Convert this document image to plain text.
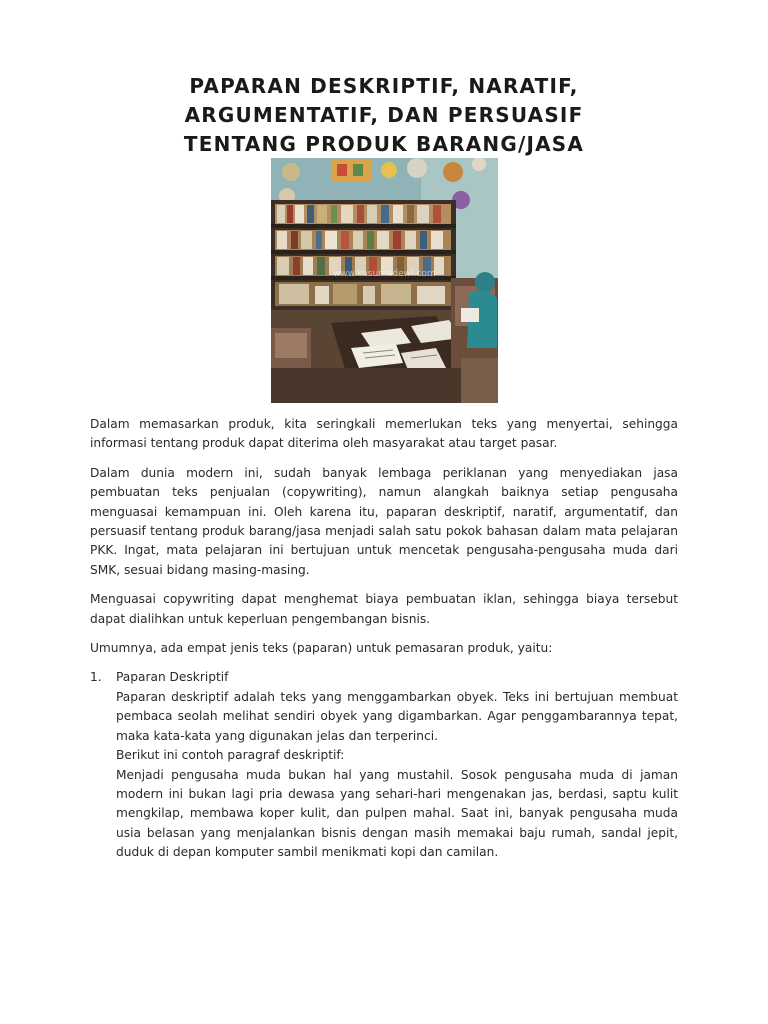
PAPARAN DESKRIPTIF, NARATIF,
ARGUMENTATIF, DAN PERSUASIF
TENTANG PRODUK BARANG/JASA
www.kusumadewi.com

Dalam memasarkan produk, kita seringkali memerlukan teks yang menyertai, sehingga informasi tentang produk dapat diterima oleh masyarakat atau target pasar.

Dalam dunia modern ini, sudah banyak lembaga periklanan yang menyediakan jasa pembuatan teks penjualan (copywriting), namun alangkah baiknya setiap pengusaha menguasai kemampuan ini. Oleh karena itu, paparan deskriptif, naratif, argumentatif, dan persuasif tentang produk barang/jasa menjadi salah satu pokok bahasan dalam mata pelajaran PKK. Ingat, mata pelajaran ini bertujuan untuk mencetak pengusaha-pengusaha muda dari SMK, sesuai bidang masing-masing.

Menguasai copywriting dapat menghemat biaya pembuatan iklan, sehingga biaya tersebut dapat dialihkan untuk keperluan pengembangan bisnis.

Umumnya, ada empat jenis teks (paparan) untuk pemasaran produk, yaitu:

1. Paparan Deskriptif

Paparan deskriptif adalah teks yang menggambarkan obyek. Teks ini bertujuan membuat pembaca seolah melihat sendiri obyek yang digambarkan. Agar penggambarannya tepat, maka kata-kata yang digunakan jelas dan terperinci.

Berikut ini contoh paragraf deskriptif:

Menjadi pengusaha muda bukan hal yang mustahil. Sosok pengusaha muda di jaman modern ini bukan lagi pria dewasa yang sehari-hari mengenakan jas, berdasi, saptu kulit mengkilap, membawa koper kulit, dan pulpen mahal. Saat ini, banyak pengusaha muda usia belasan yang menjalankan bisnis dengan masih memakai baju rumah, sandal jepit, duduk di depan komputer sambil menikmati kopi dan camilan.
